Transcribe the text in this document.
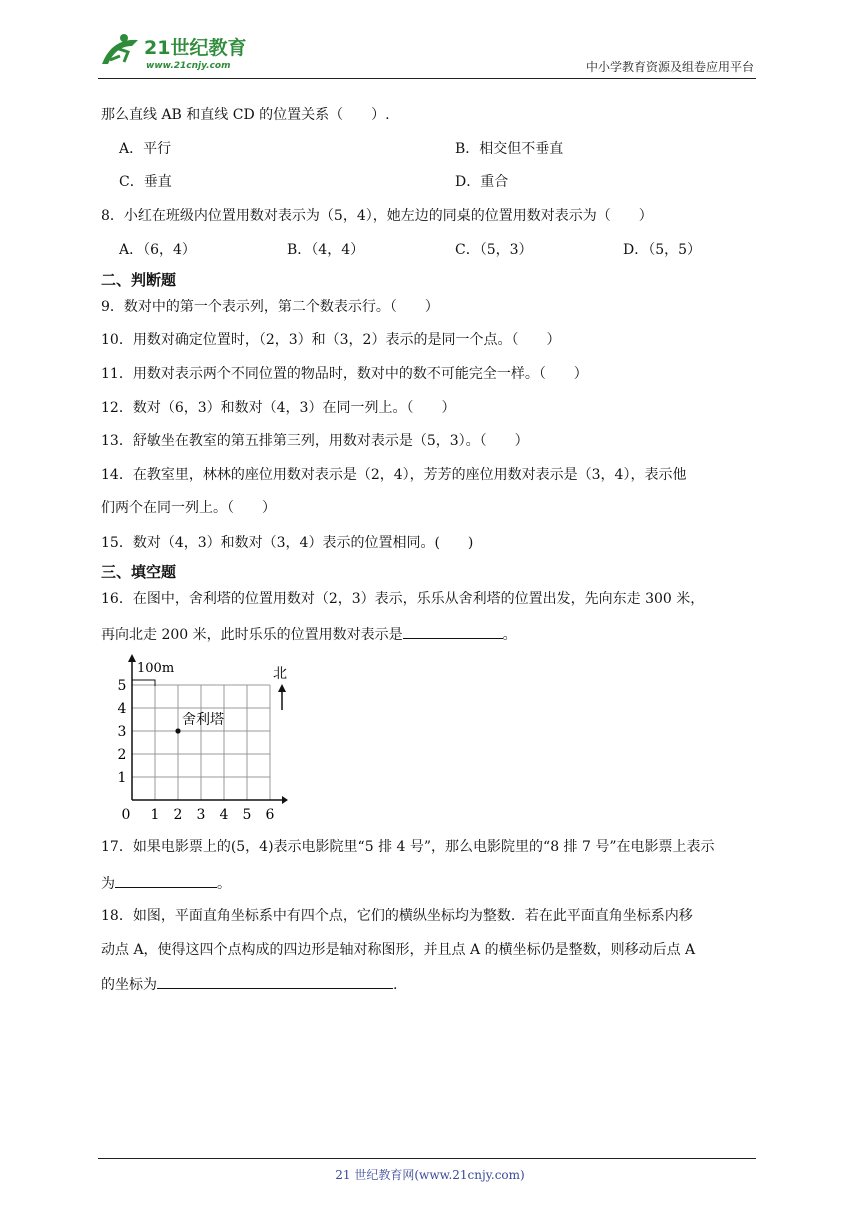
21世纪教育
www.21cnjy.com	中小学教育资源及组卷应用平台
那么直线 AB 和直线 CD 的位置关系（　　）.
A．平行	B．相交但不垂直
C．垂直	D．重合
8．小红在班级内位置用数对表示为（5，4），她左边的同桌的位置用数对表示为（　　）
A．（6，4）	B．（4，4）	C．（5，3）	D．（5，5）
二、判断题
9．数对中的第一个表示列，第二个数表示行。（　　）
10．用数对确定位置时，（2，3）和（3，2）表示的是同一个点。（　　）
11．用数对表示两个不同位置的物品时，数对中的数不可能完全一样。（　　）
12．数对（6，3）和数对（4，3）在同一列上。（　　）
13．舒敏坐在教室的第五排第三列，用数对表示是（5，3）。（　　）
14．在教室里，林林的座位用数对表示是（2，4），芳芳的座位用数对表示是（3，4），表示他
们两个在同一列上。（　　）
15．数对（4，3）和数对（3，4）表示的位置相同。(　　)
三、填空题
16．在图中，舍利塔的位置用数对（2，3）表示，乐乐从舍利塔的位置出发，先向东走 300 米，
再向北走 200 米，此时乐乐的位置用数对表示是	。
100m	北
0 1 2 3 4 5 6
1
2
3
4
5
舍利塔
17．如果电影票上的(5，4)表示电影院里“5 排 4 号”，那么电影院里的“8 排 7 号”在电影票上表示
为	。
18．如图，平面直角坐标系中有四个点，它们的横纵坐标均为整数．若在此平面直角坐标系内移
动点 A，使得这四个点构成的四边形是轴对称图形，并且点 A 的横坐标仍是整数，则移动后点 A
的坐标为	.
21 世纪教育网(www.21cnjy.com)
